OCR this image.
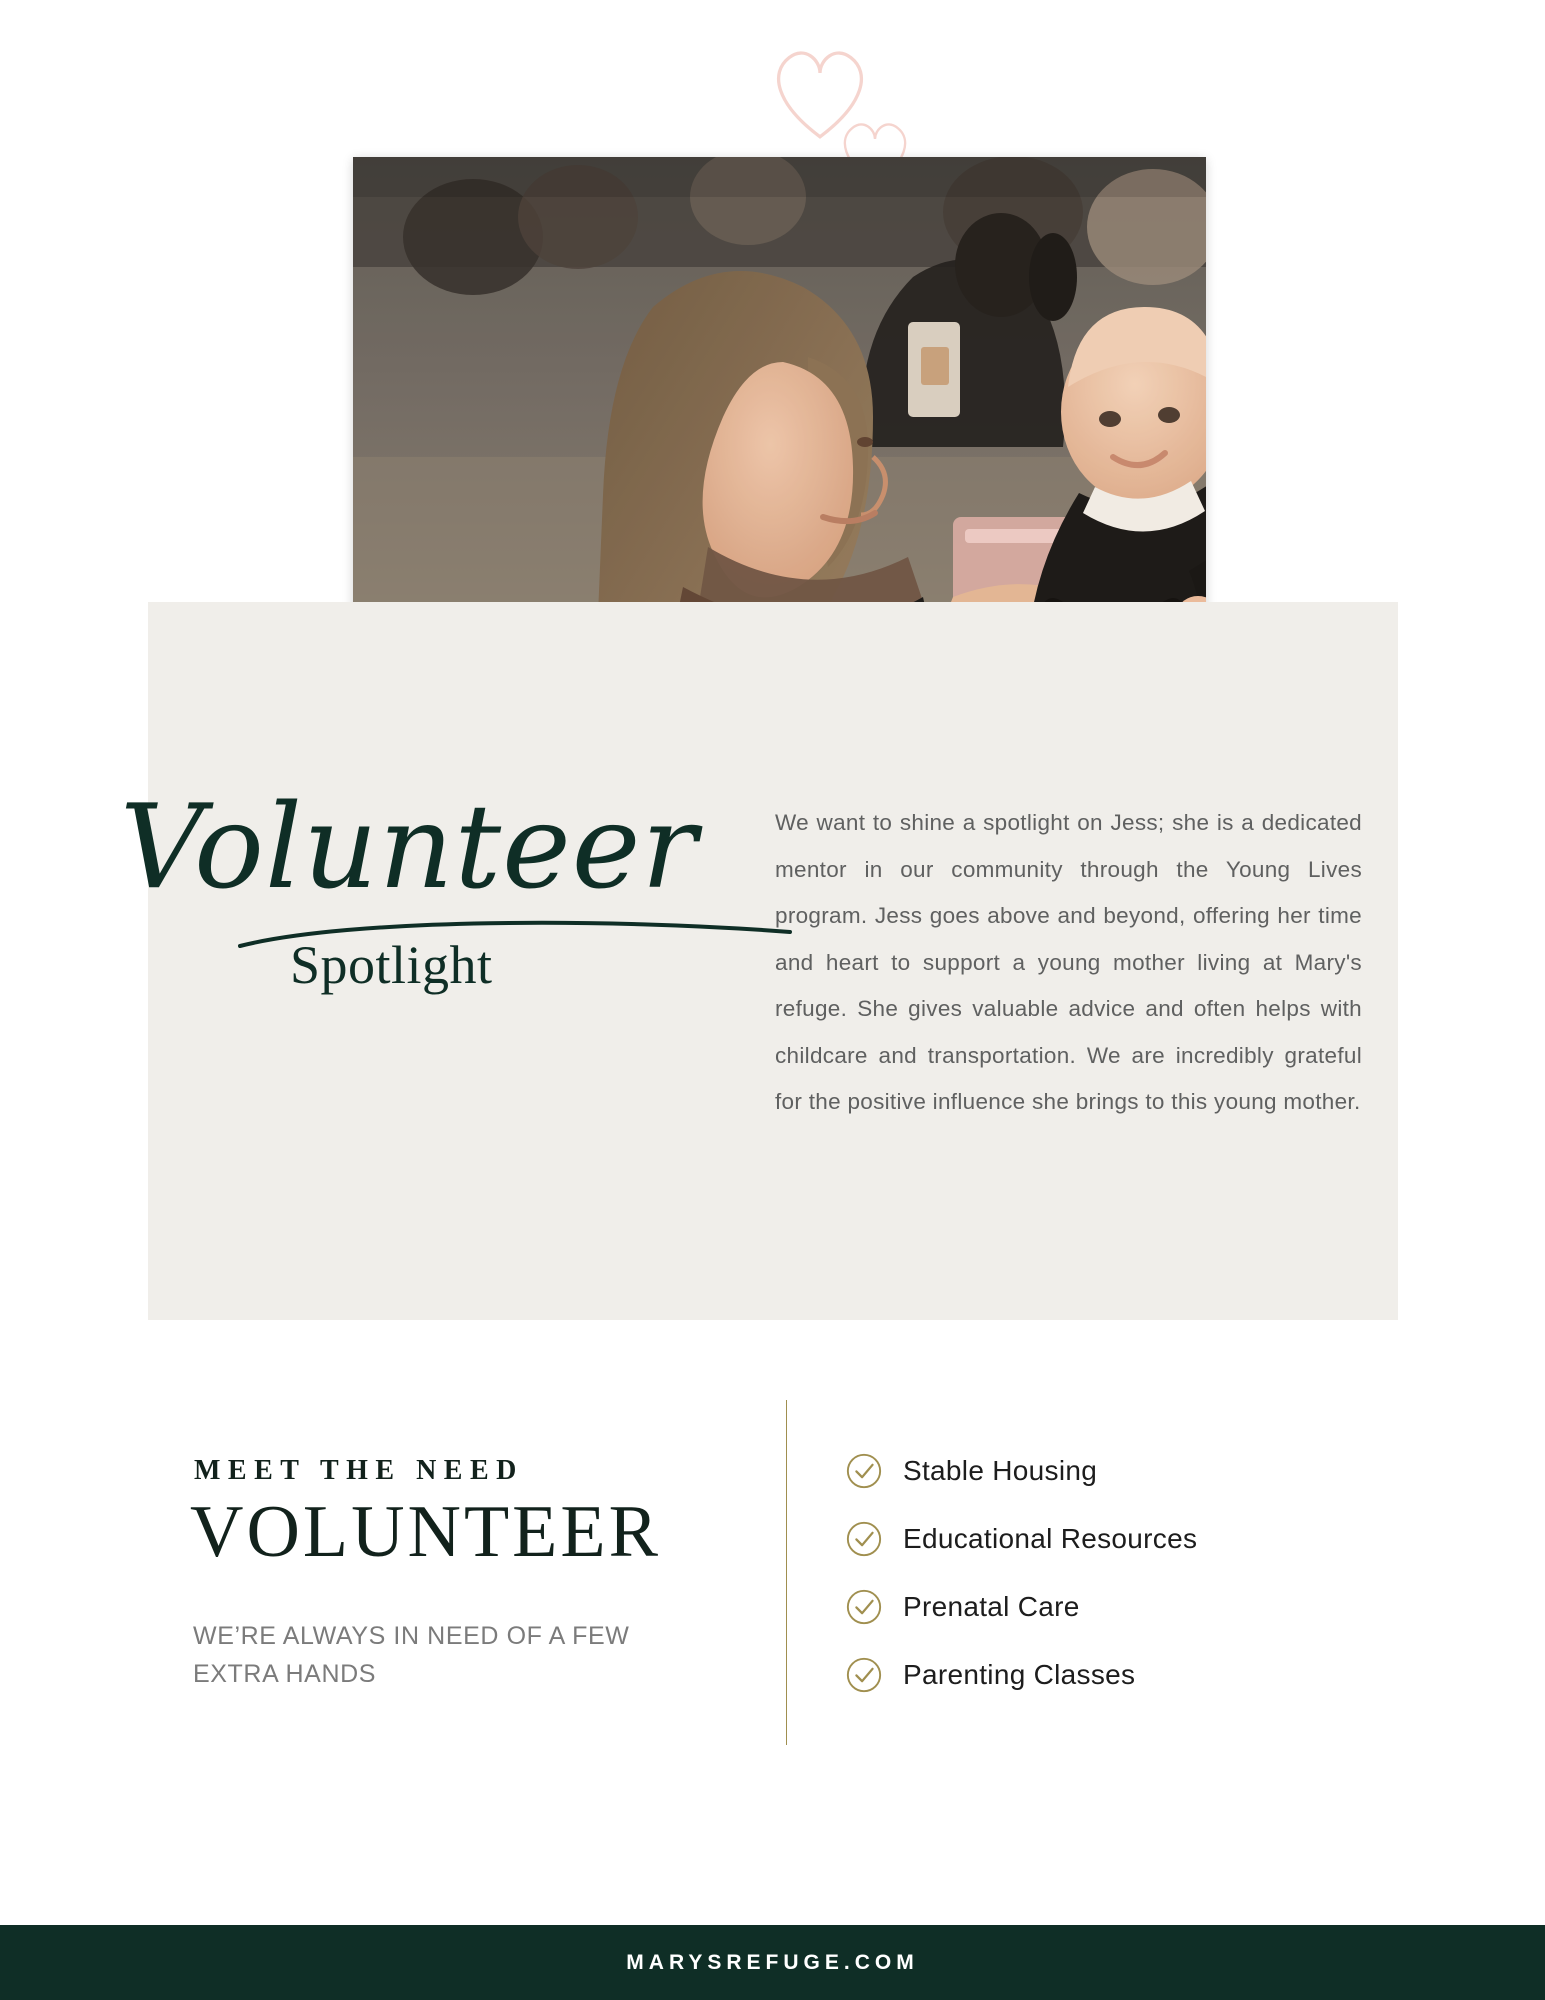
Volunteer
Spotlight
We want to shine a spotlight on Jess; she is a dedicated mentor in our community through the Young Lives program. Jess goes above and beyond, offering her time and heart to support a young mother living at Mary's refuge. She gives valuable advice and often helps with childcare and transportation. We are incredibly grateful for the positive influence she brings to this young mother.
MEET THE NEED
VOLUNTEER
WE’RE ALWAYS IN NEED OF A FEW EXTRA HANDS
Stable Housing
Educational Resources
Prenatal Care
Parenting Classes
MARYSREFUGE.COM
